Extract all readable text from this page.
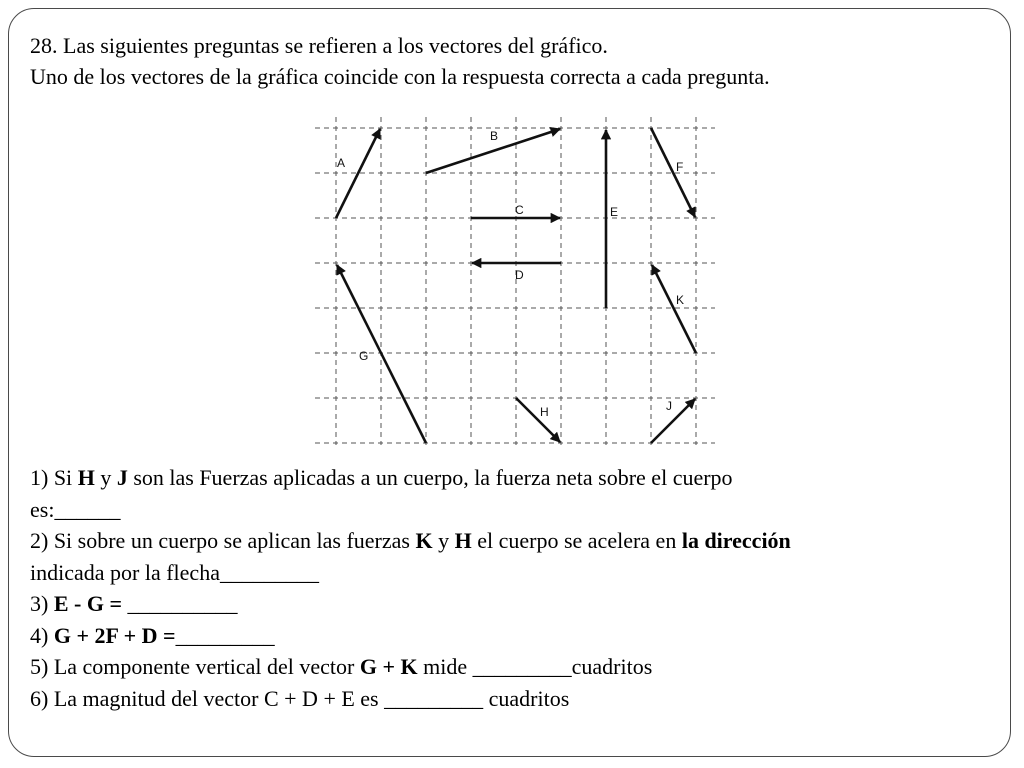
28. Las siguientes preguntas se refieren a los vectores del gráfico.
Uno de los vectores de la gráfica coincide con la respuesta correcta a cada pregunta.
A
B
C
D
E
F
G
H	J
K
1) Si H y J son las Fuerzas aplicadas a un cuerpo, la fuerza neta sobre el cuerpo
es:______
2) Si sobre un cuerpo se aplican las fuerzas K y H el cuerpo se acelera en la dirección
indicada por la flecha_________
3) E - G = __________
4) G + 2F + D =_________
5) La componente vertical del vector G + K mide _________cuadritos
6) La magnitud del vector C + D + E es _________ cuadritos
